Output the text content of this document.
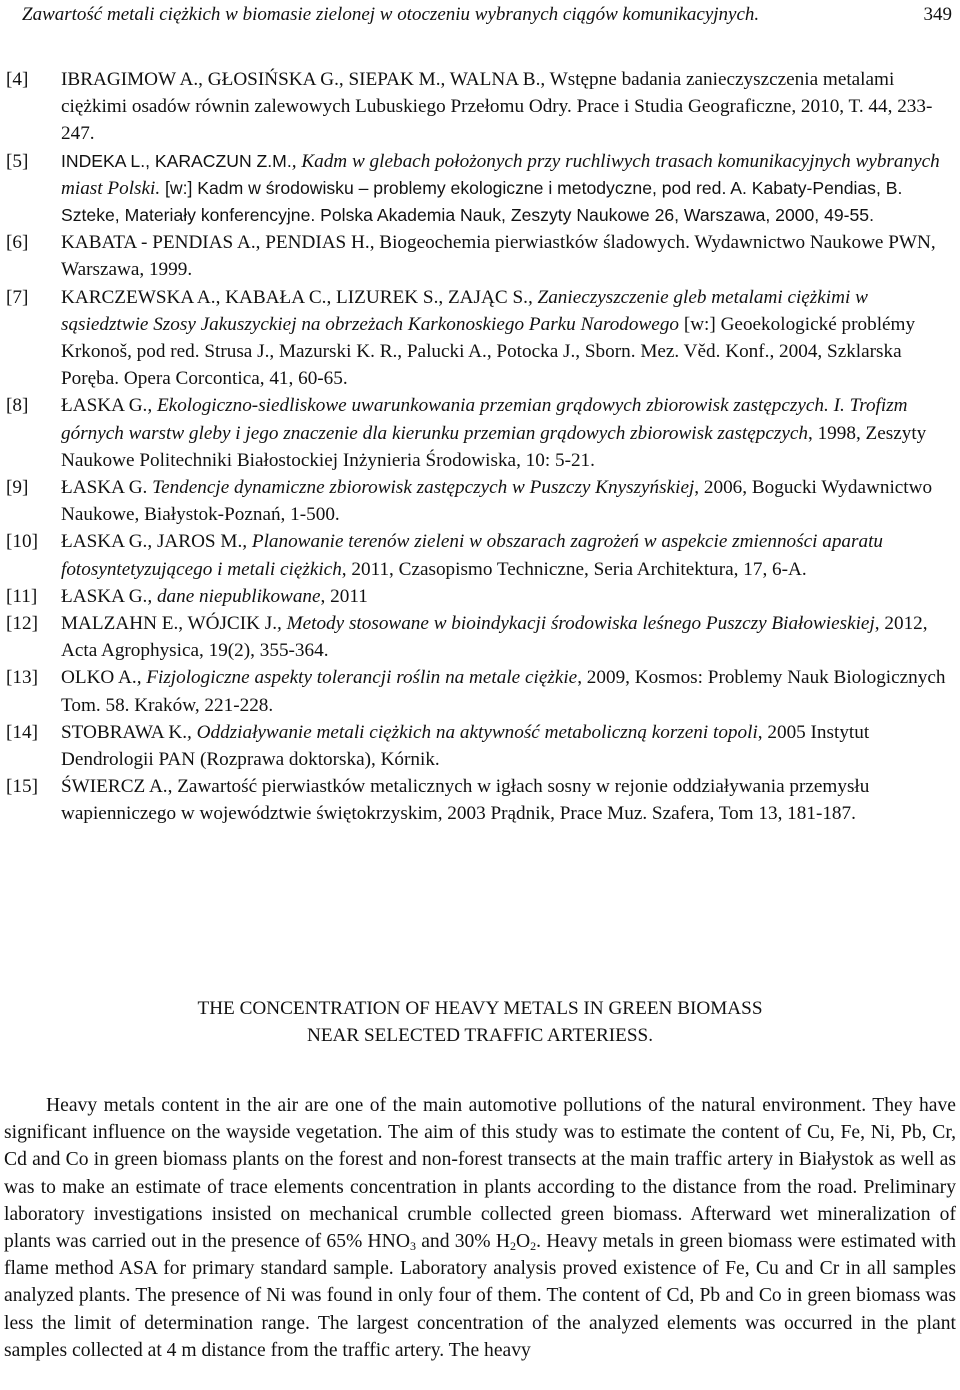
Zawartość metali ciężkich w biomasie zielonej w otoczeniu wybranych ciągów komunikacyjnych.	349
[4] IBRAGIMOW A., GŁOSIŃSKA G., SIEPAK M., WALNA B., Wstępne badania zanieczyszczenia metalami ciężkimi osadów równin zalewowych Lubuskiego Przełomu Odry. Prace i Studia Geograficzne, 2010, T. 44, 233-247.
[5] INDEKA L., KARACZUN Z.M., Kadm w glebach położonych przy ruchliwych trasach komunikacyjnych wybranych miast Polski. [w:] Kadm w środowisku – problemy ekologiczne i metodyczne, pod red. A. Kabaty-Pendias, B. Szteke, Materiały konferencyjne. Polska Akademia Nauk, Zeszyty Naukowe 26, Warszawa, 2000, 49-55.
[6] KABATA - PENDIAS A., PENDIAS H., Biogeochemia pierwiastków śladowych. Wydawnictwo Naukowe PWN, Warszawa, 1999.
[7] KARCZEWSKA A., KABAŁA C., LIZUREK S., ZAJĄC S., Zanieczyszczenie gleb metalami ciężkimi w sąsiedztwie Szosy Jakuszyckiej na obrzeżach Karkonoskiego Parku Narodowego [w:] Geoekologické problémy Krkonoš, pod red. Strusa J., Mazurski K. R., Palucki A., Potocka J., Sborn. Mez. Věd. Konf., 2004, Szklarska Poręba. Opera Corcontica, 41, 60-65.
[8] ŁASKA G., Ekologiczno-siedliskowe uwarunkowania przemian grądowych zbiorowisk zastępczych. I. Trofizm górnych warstw gleby i jego znaczenie dla kierunku przemian grądowych zbiorowisk zastępczych, 1998, Zeszyty Naukowe Politechniki Białostockiej Inżynieria Środowiska, 10: 5-21.
[9] ŁASKA G. Tendencje dynamiczne zbiorowisk zastępczych w Puszczy Knyszyńskiej, 2006, Bogucki Wydawnictwo Naukowe, Białystok-Poznań, 1-500.
[10] ŁASKA G., JAROS M., Planowanie terenów zieleni w obszarach zagrożeń w aspekcie zmienności aparatu fotosyntetyzującego i metali ciężkich, 2011, Czasopismo Techniczne, Seria Architektura, 17, 6-A.
[11] ŁASKA G., dane niepublikowane, 2011
[12] MALZAHN E., WÓJCIK J., Metody stosowane w bioindykacji środowiska leśnego Puszczy Białowieskiej, 2012, Acta Agrophysica, 19(2), 355-364.
[13] OLKO A., Fizjologiczne aspekty tolerancji roślin na metale ciężkie, 2009, Kosmos: Problemy Nauk Biologicznych Tom. 58. Kraków, 221-228.
[14] STOBRAWA K., Oddziaływanie metali ciężkich na aktywność metaboliczną korzeni topoli, 2005 Instytut Dendrologii PAN (Rozprawa doktorska), Kórnik.
[15] ŚWIERCZ A., Zawartość pierwiastków metalicznych w igłach sosny w rejonie oddziaływania przemysłu wapienniczego w województwie świętokrzyskim, 2003 Prądnik, Prace Muz. Szafera, Tom 13, 181-187.
THE CONCENTRATION OF HEAVY METALS IN GREEN BIOMASS
NEAR SELECTED TRAFFIC ARTERIESS.

Heavy metals content in the air are one of the main automotive pollutions of the natural environment. They have significant influence on the wayside vegetation. The aim of this study was to estimate the content of Cu, Fe, Ni, Pb, Cr, Cd and Co in green biomass plants on the forest and non-forest transects at the main traffic artery in Białystok as well as was to make an estimate of trace elements concentration in plants according to the distance from the road. Preliminary laboratory investigations insisted on mechanical crumble collected green biomass. Afterward wet mineralization of plants was carried out in the presence of 65% $HNO_3$ and 30% $H_2O_2$. Heavy metals in green biomass were estimated with flame method ASA for primary standard sample. Laboratory analysis proved existence of Fe, Cu and Cr in all samples analyzed plants. The presence of Ni was found in only four of them. The content of Cd, Pb and Co in green biomass was less the limit of determination range. The largest concentration of the analyzed elements was occurred in the plant samples collected at 4 m distance from the traffic artery. The heavy
